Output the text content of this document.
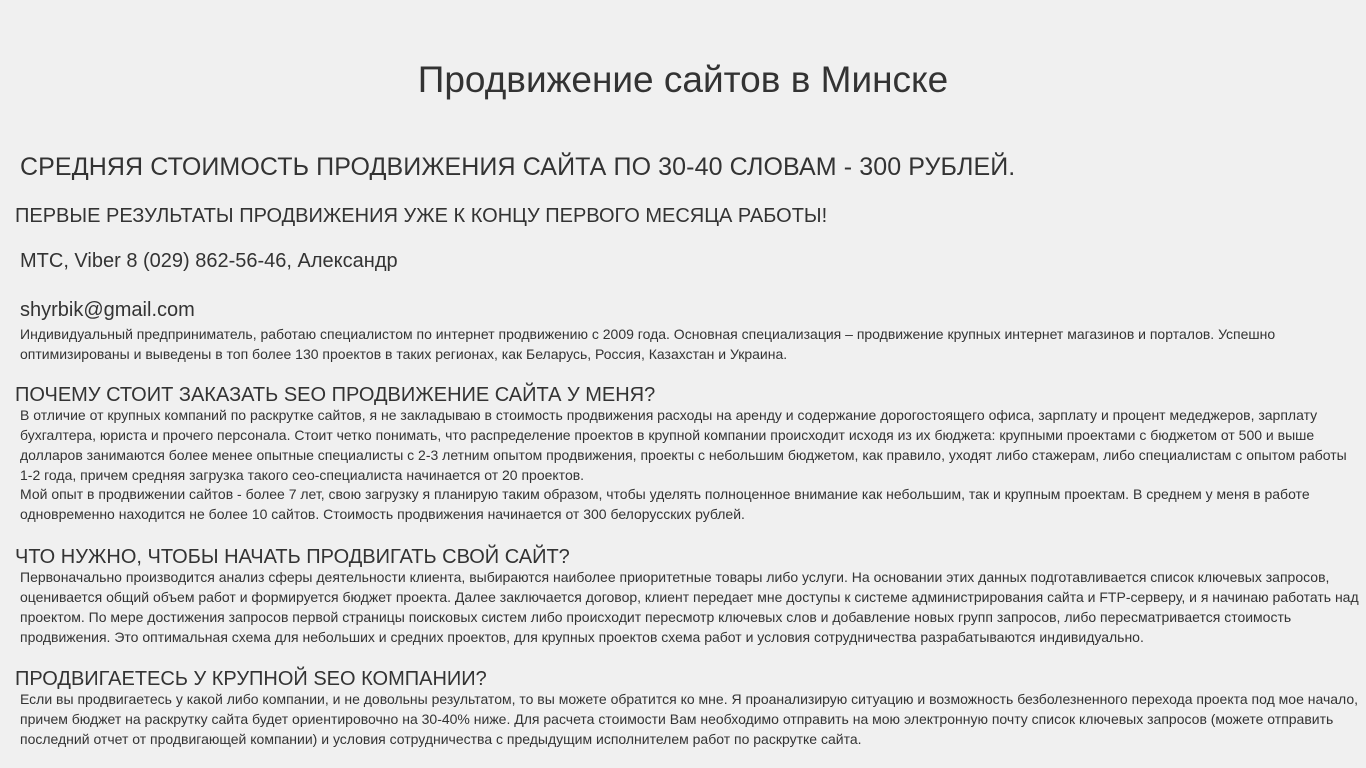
Продвижение сайтов в Минске
СРЕДНЯЯ СТОИМОСТЬ ПРОДВИЖЕНИЯ САЙТА ПО 30-40 СЛОВАМ - 300 РУБЛЕЙ.
ПЕРВЫЕ РЕЗУЛЬТАТЫ ПРОДВИЖЕНИЯ УЖЕ К КОНЦУ ПЕРВОГО МЕСЯЦА РАБОТЫ!

МТС, Viber 8 (029) 862-56-46, Александр

shyrbik@gmail.com

Индивидуальный предприниматель, работаю специалистом по интернет продвижению с 2009 года. Основная специализация – продвижение крупных интернет магазинов и порталов. Успешно оптимизированы и выведены в топ более 130 проектов в таких регионах, как Беларусь, Россия, Казахстан и Украина.

ПОЧЕМУ СТОИТ ЗАКАЗАТЬ SEO ПРОДВИЖЕНИЕ САЙТА У МЕНЯ?

В отличие от крупных компаний по раскрутке сайтов, я не закладываю в стоимость продвижения расходы на аренду и содержание дорогостоящего офиса, зарплату и процент медеджеров, зарплату бухгалтера, юриста и прочего персонала. Стоит четко понимать, что распределение проектов в крупной компании происходит исходя из их бюджета: крупными проектами с бюджетом от 500 и выше долларов занимаются более менее опытные специалисты с 2-3 летним опытом продвижения, проекты с небольшим бюджетом, как правило, уходят либо стажерам, либо специалистам с опытом работы 1-2 года, причем средняя загрузка такого сео-специалиста начинается от 20 проектов.

Мой опыт в продвижении сайтов - более 7 лет, свою загрузку я планирую таким образом, чтобы уделять полноценное внимание как небольшим, так и крупным проектам. В среднем у меня в работе одновременно находится не более 10 сайтов. Стоимость продвижения начинается от 300 белорусских рублей.

ЧТО НУЖНО, ЧТОБЫ НАЧАТЬ ПРОДВИГАТЬ СВОЙ САЙТ?

Первоначально производится анализ сферы деятельности клиента, выбираются наиболее приоритетные товары либо услуги. На основании этих данных подготавливается список ключевых запросов, оценивается общий объем работ и формируется бюджет проекта. Далее заключается договор, клиент передает мне доступы к системе администрирования сайта и FTP-серверу, и я начинаю работать над проектом. По мере достижения запросов первой страницы поисковых систем либо происходит пересмотр ключевых слов и добавление новых групп запросов, либо пересматривается стоимость продвижения. Это оптимальная схема для небольших и средних проектов, для крупных проектов схема работ и условия сотрудничества разрабатываются индивидуально.

ПРОДВИГАЕТЕСЬ У КРУПНОЙ SEO КОМПАНИИ?

Если вы продвигаетесь у какой либо компании, и не довольны результатом, то вы можете обратится ко мне. Я проанализирую ситуацию и возможность безболезненного перехода проекта под мое начало, причем бюджет на раскрутку сайта будет ориентировочно на 30-40% ниже. Для расчета стоимости Вам необходимо отправить на мою электронную почту список ключевых запросов (можете отправить последний отчет от продвигающей компании) и условия сотрудничества с предыдущим исполнителем работ по раскрутке сайта.
